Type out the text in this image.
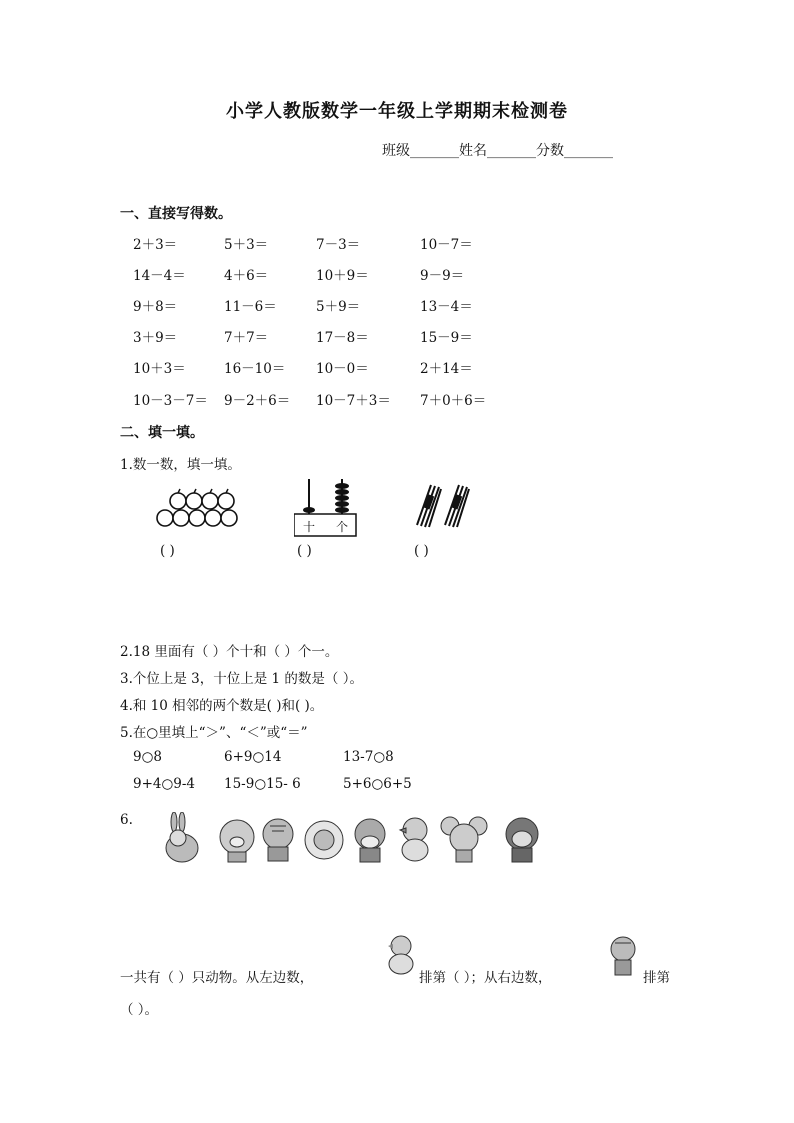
小学人教版数学一年级上学期期末检测卷
班级_______姓名_______分数_______
一、直接写得数。
2＋3＝	5＋3＝	7－3＝	10－7＝
14－4＝	4＋6＝	10＋9＝	9－9＝
9＋8＝	11－6＝	5＋9＝	13－4＝
3＋9＝	7＋7＝	17－8＝	15－9＝
10＋3＝	16－10＝ 10－0＝	2＋14＝
10－3－7＝ 9－2＋6＝ 10－7＋3＝ 7＋0＋6＝
二、填一填。
1.数一数，填一填。
十 个
( )	( )	( )
2.18 里面有（ ）个十和（ ）个一。
3.个位上是 3，十位上是 1 的数是（ ）。
4.和 10 相邻的两个数是( )和( )。
5.在○里填上“＞”、“＜”或“＝”
9○8	6+9○14	13-7○8
9+4○9-4 15-9○15- 6	5+6○6+5
6.
一共有（ ）只动物。从左边数，	排第（ ）；从右边数，	排第
（ ）。
